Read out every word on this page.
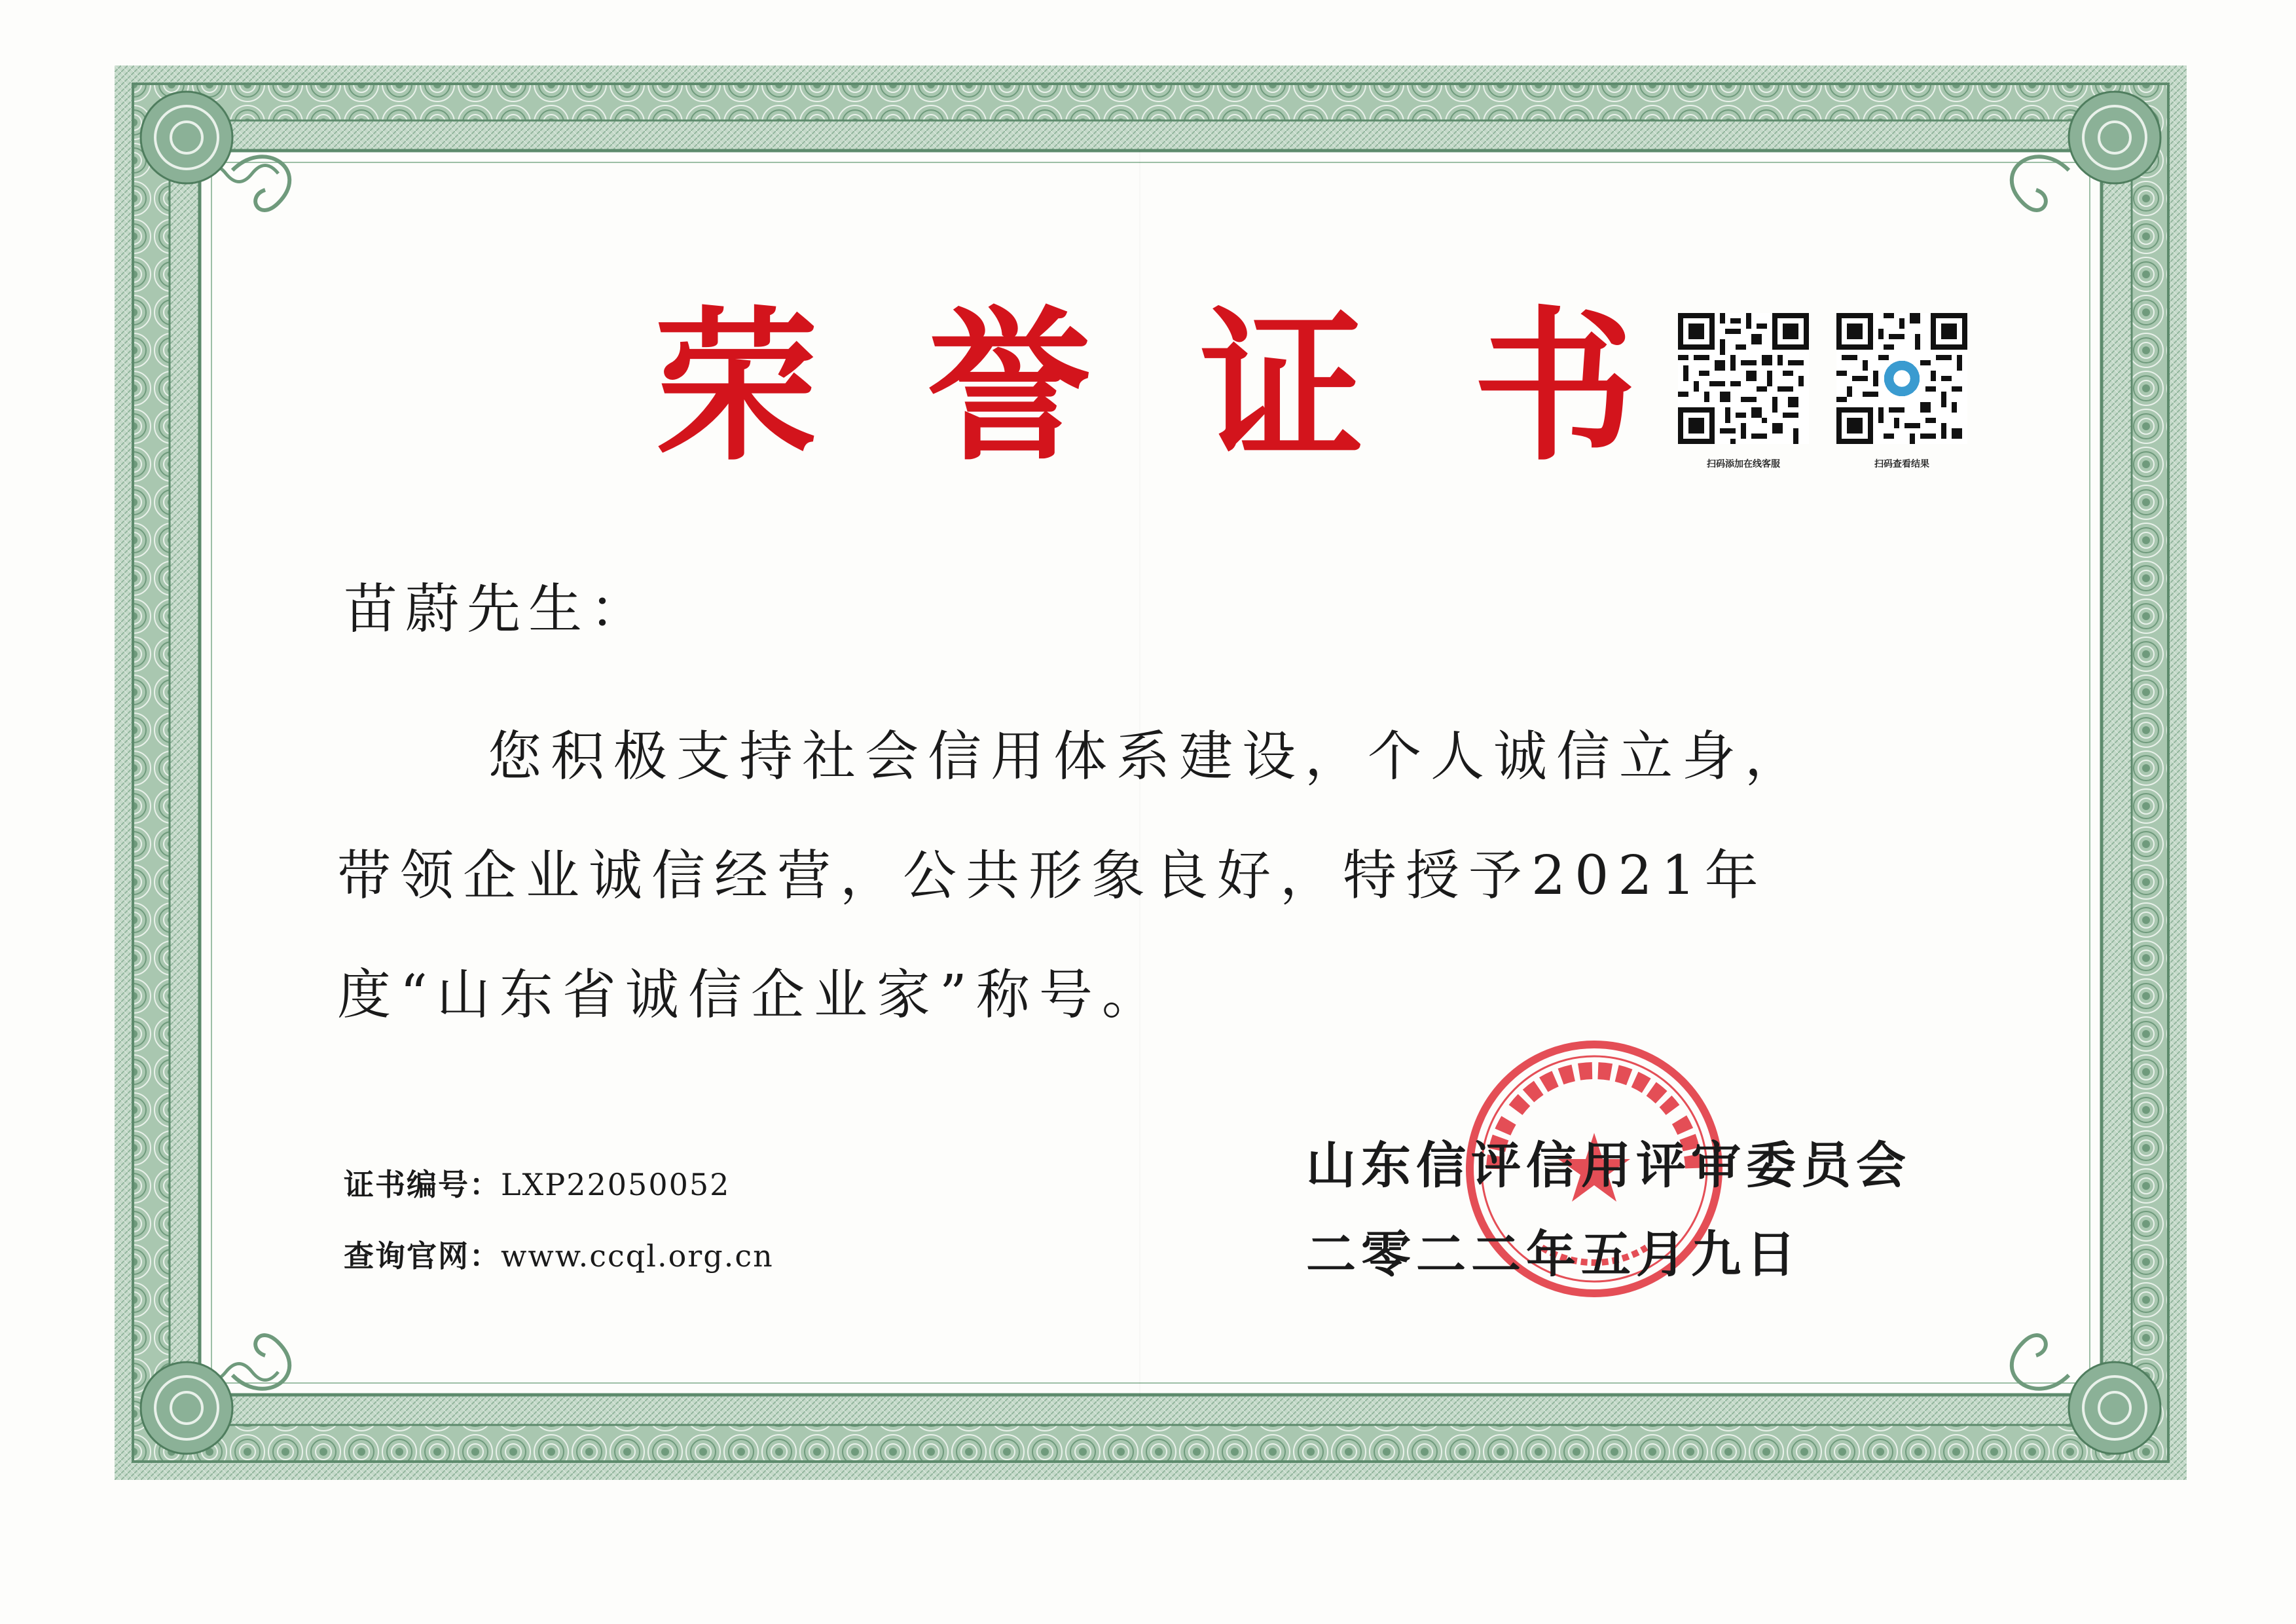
荣 誉 证 书	扫码添加在线客服	扫码查看结果
苗蔚先生：
您积极支持社会信用体系建设，个人诚信立身，
带领企业诚信经营，公共形象良好，特授予2021年
度“山东省诚信企业家”称号。
证书编号：LXP22050052
查询官网：www.ccql.org.cn
山东信评信用评审委员会
二零二二年五月九日
